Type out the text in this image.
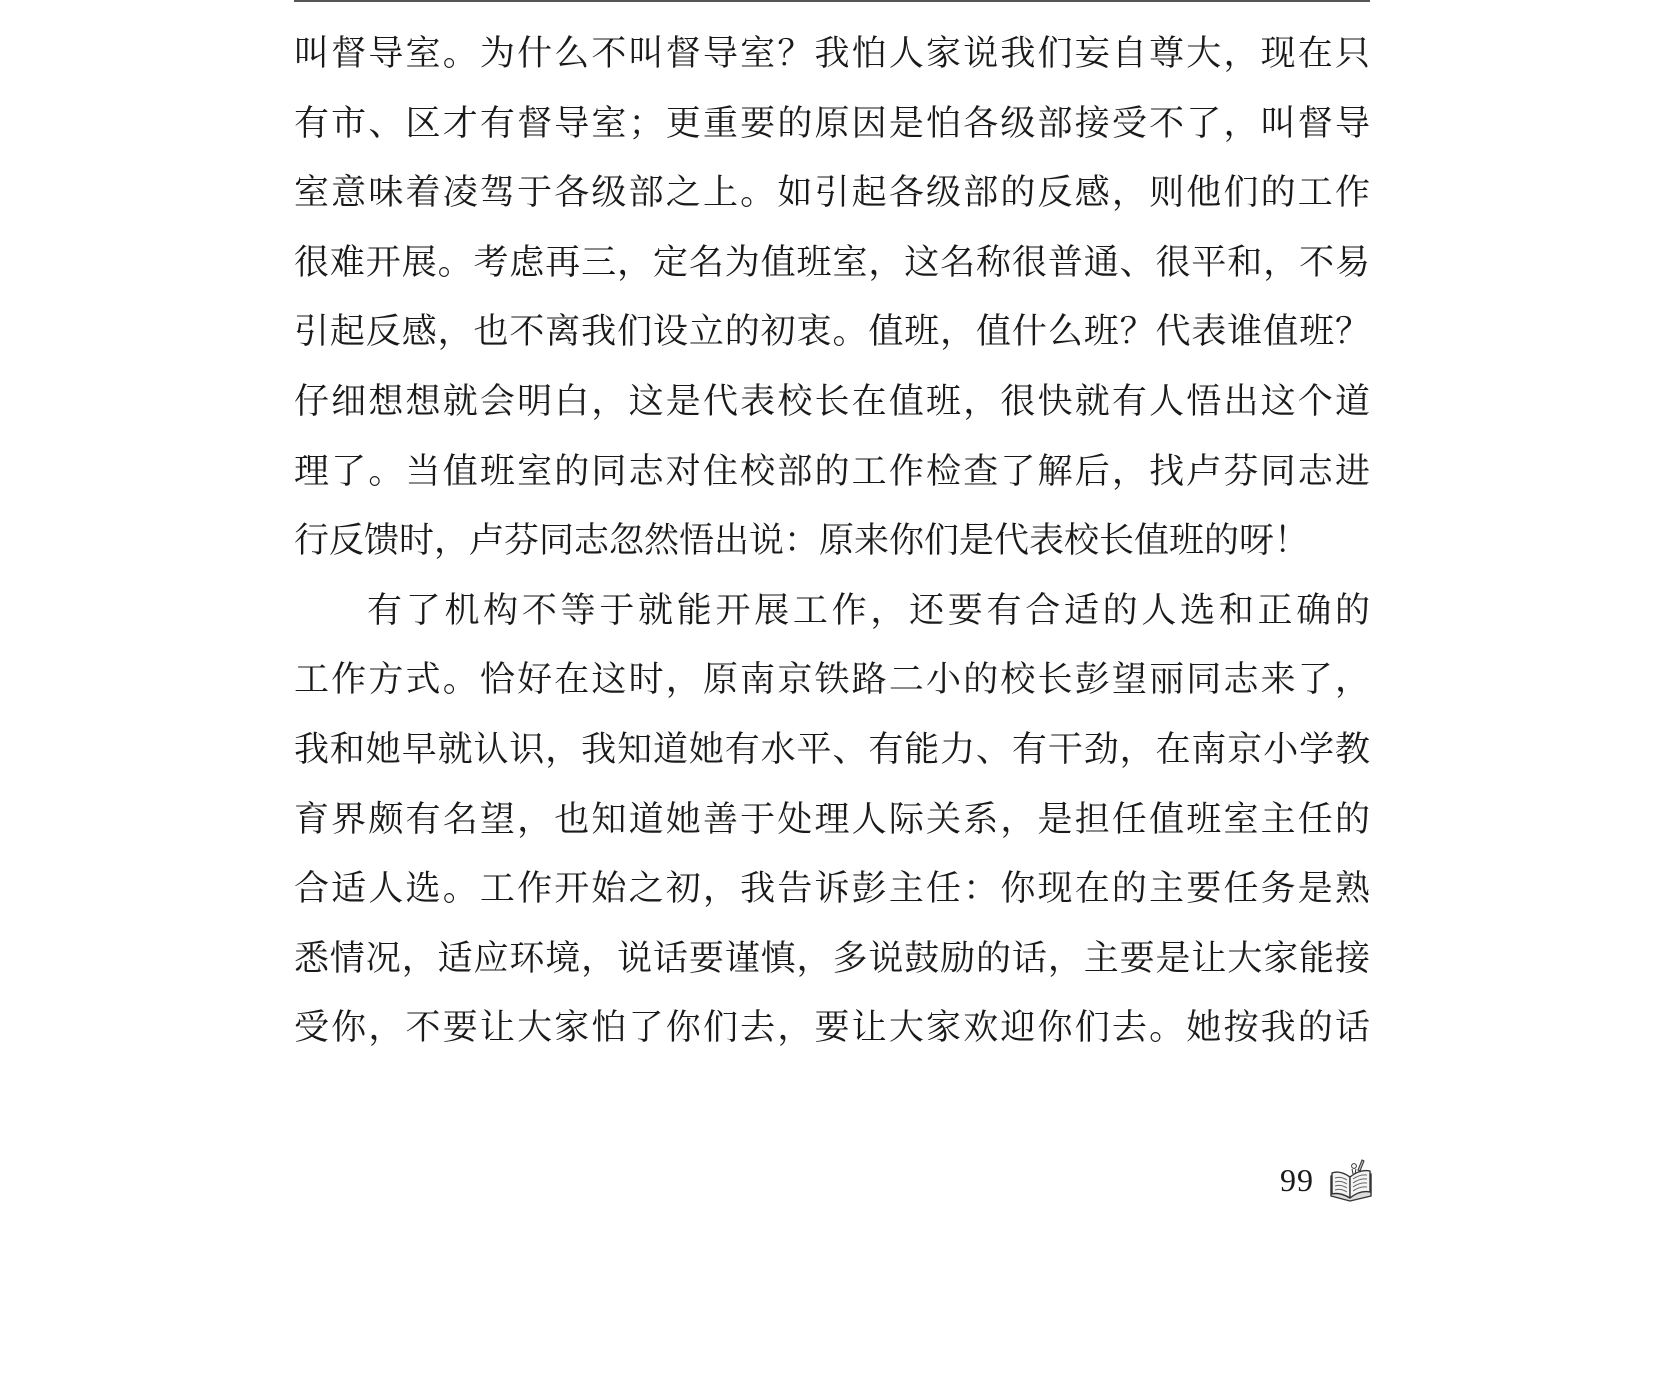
叫督导室。为什么不叫督导室？我怕人家说我们妄自尊大，现在只
有市、区才有督导室；更重要的原因是怕各级部接受不了，叫督导
室意味着凌驾于各级部之上。如引起各级部的反感，则他们的工作
很难开展。考虑再三，定名为值班室，这名称很普通、很平和，不易
引起反感，也不离我们设立的初衷。值班，值什么班？代表谁值班？
仔细想想就会明白，这是代表校长在值班，很快就有人悟出这个道
理了。当值班室的同志对住校部的工作检查了解后，找卢芬同志进
行反馈时，卢芬同志忽然悟出说：原来你们是代表校长值班的呀！
有了机构不等于就能开展工作，还要有合适的人选和正确的
工作方式。恰好在这时，原南京铁路二小的校长彭望丽同志来了，
我和她早就认识，我知道她有水平、有能力、有干劲，在南京小学教
育界颇有名望，也知道她善于处理人际关系，是担任值班室主任的
合适人选。工作开始之初，我告诉彭主任：你现在的主要任务是熟
悉情况，适应环境，说话要谨慎，多说鼓励的话，主要是让大家能接
受你，不要让大家怕了你们去，要让大家欢迎你们去。她按我的话
99
